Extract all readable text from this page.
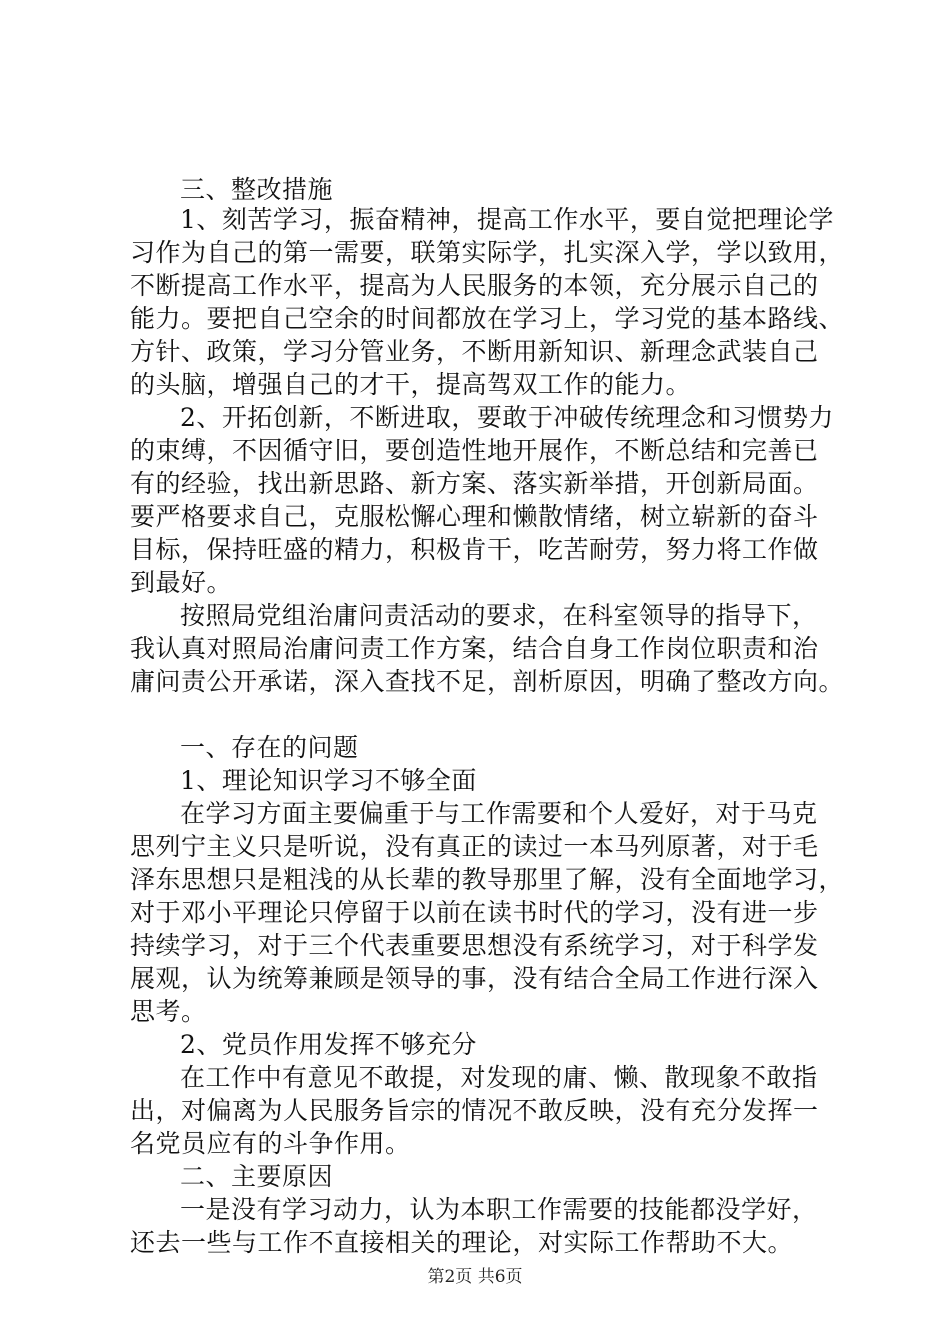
三、整改措施
1、刻苦学习，振奋精神，提高工作水平，要自觉把理论学
习作为自己的第一需要，联第实际学，扎实深入学，学以致用，
不断提高工作水平，提高为人民服务的本领，充分展示自己的
能力。要把自己空余的时间都放在学习上，学习党的基本路线、
方针、政策，学习分管业务，不断用新知识、新理念武装自己
的头脑，增强自己的才干，提高驾双工作的能力。
2、开拓创新，不断进取，要敢于冲破传统理念和习惯势力
的束缚，不因循守旧，要创造性地开展作，不断总结和完善已
有的经验，找出新思路、新方案、落实新举措，开创新局面。
要严格要求自己，克服松懈心理和懒散情绪，树立崭新的奋斗
目标，保持旺盛的精力，积极肯干，吃苦耐劳，努力将工作做
到最好。
按照局党组治庸问责活动的要求，在科室领导的指导下，
我认真对照局治庸问责工作方案，结合自身工作岗位职责和治
庸问责公开承诺，深入查找不足，剖析原因，明确了整改方向。
一、存在的问题
1、理论知识学习不够全面
在学习方面主要偏重于与工作需要和个人爱好，对于马克
思列宁主义只是听说，没有真正的读过一本马列原著，对于毛
泽东思想只是粗浅的从长辈的教导那里了解，没有全面地学习，
对于邓小平理论只停留于以前在读书时代的学习，没有进一步
持续学习，对于三个代表重要思想没有系统学习，对于科学发
展观，认为统筹兼顾是领导的事，没有结合全局工作进行深入
思考。
2、党员作用发挥不够充分
在工作中有意见不敢提，对发现的庸、懒、散现象不敢指
出，对偏离为人民服务旨宗的情况不敢反映，没有充分发挥一
名党员应有的斗争作用。
二、主要原因
一是没有学习动力，认为本职工作需要的技能都没学好，
还去一些与工作不直接相关的理论，对实际工作帮助不大。
第2页 共6页
